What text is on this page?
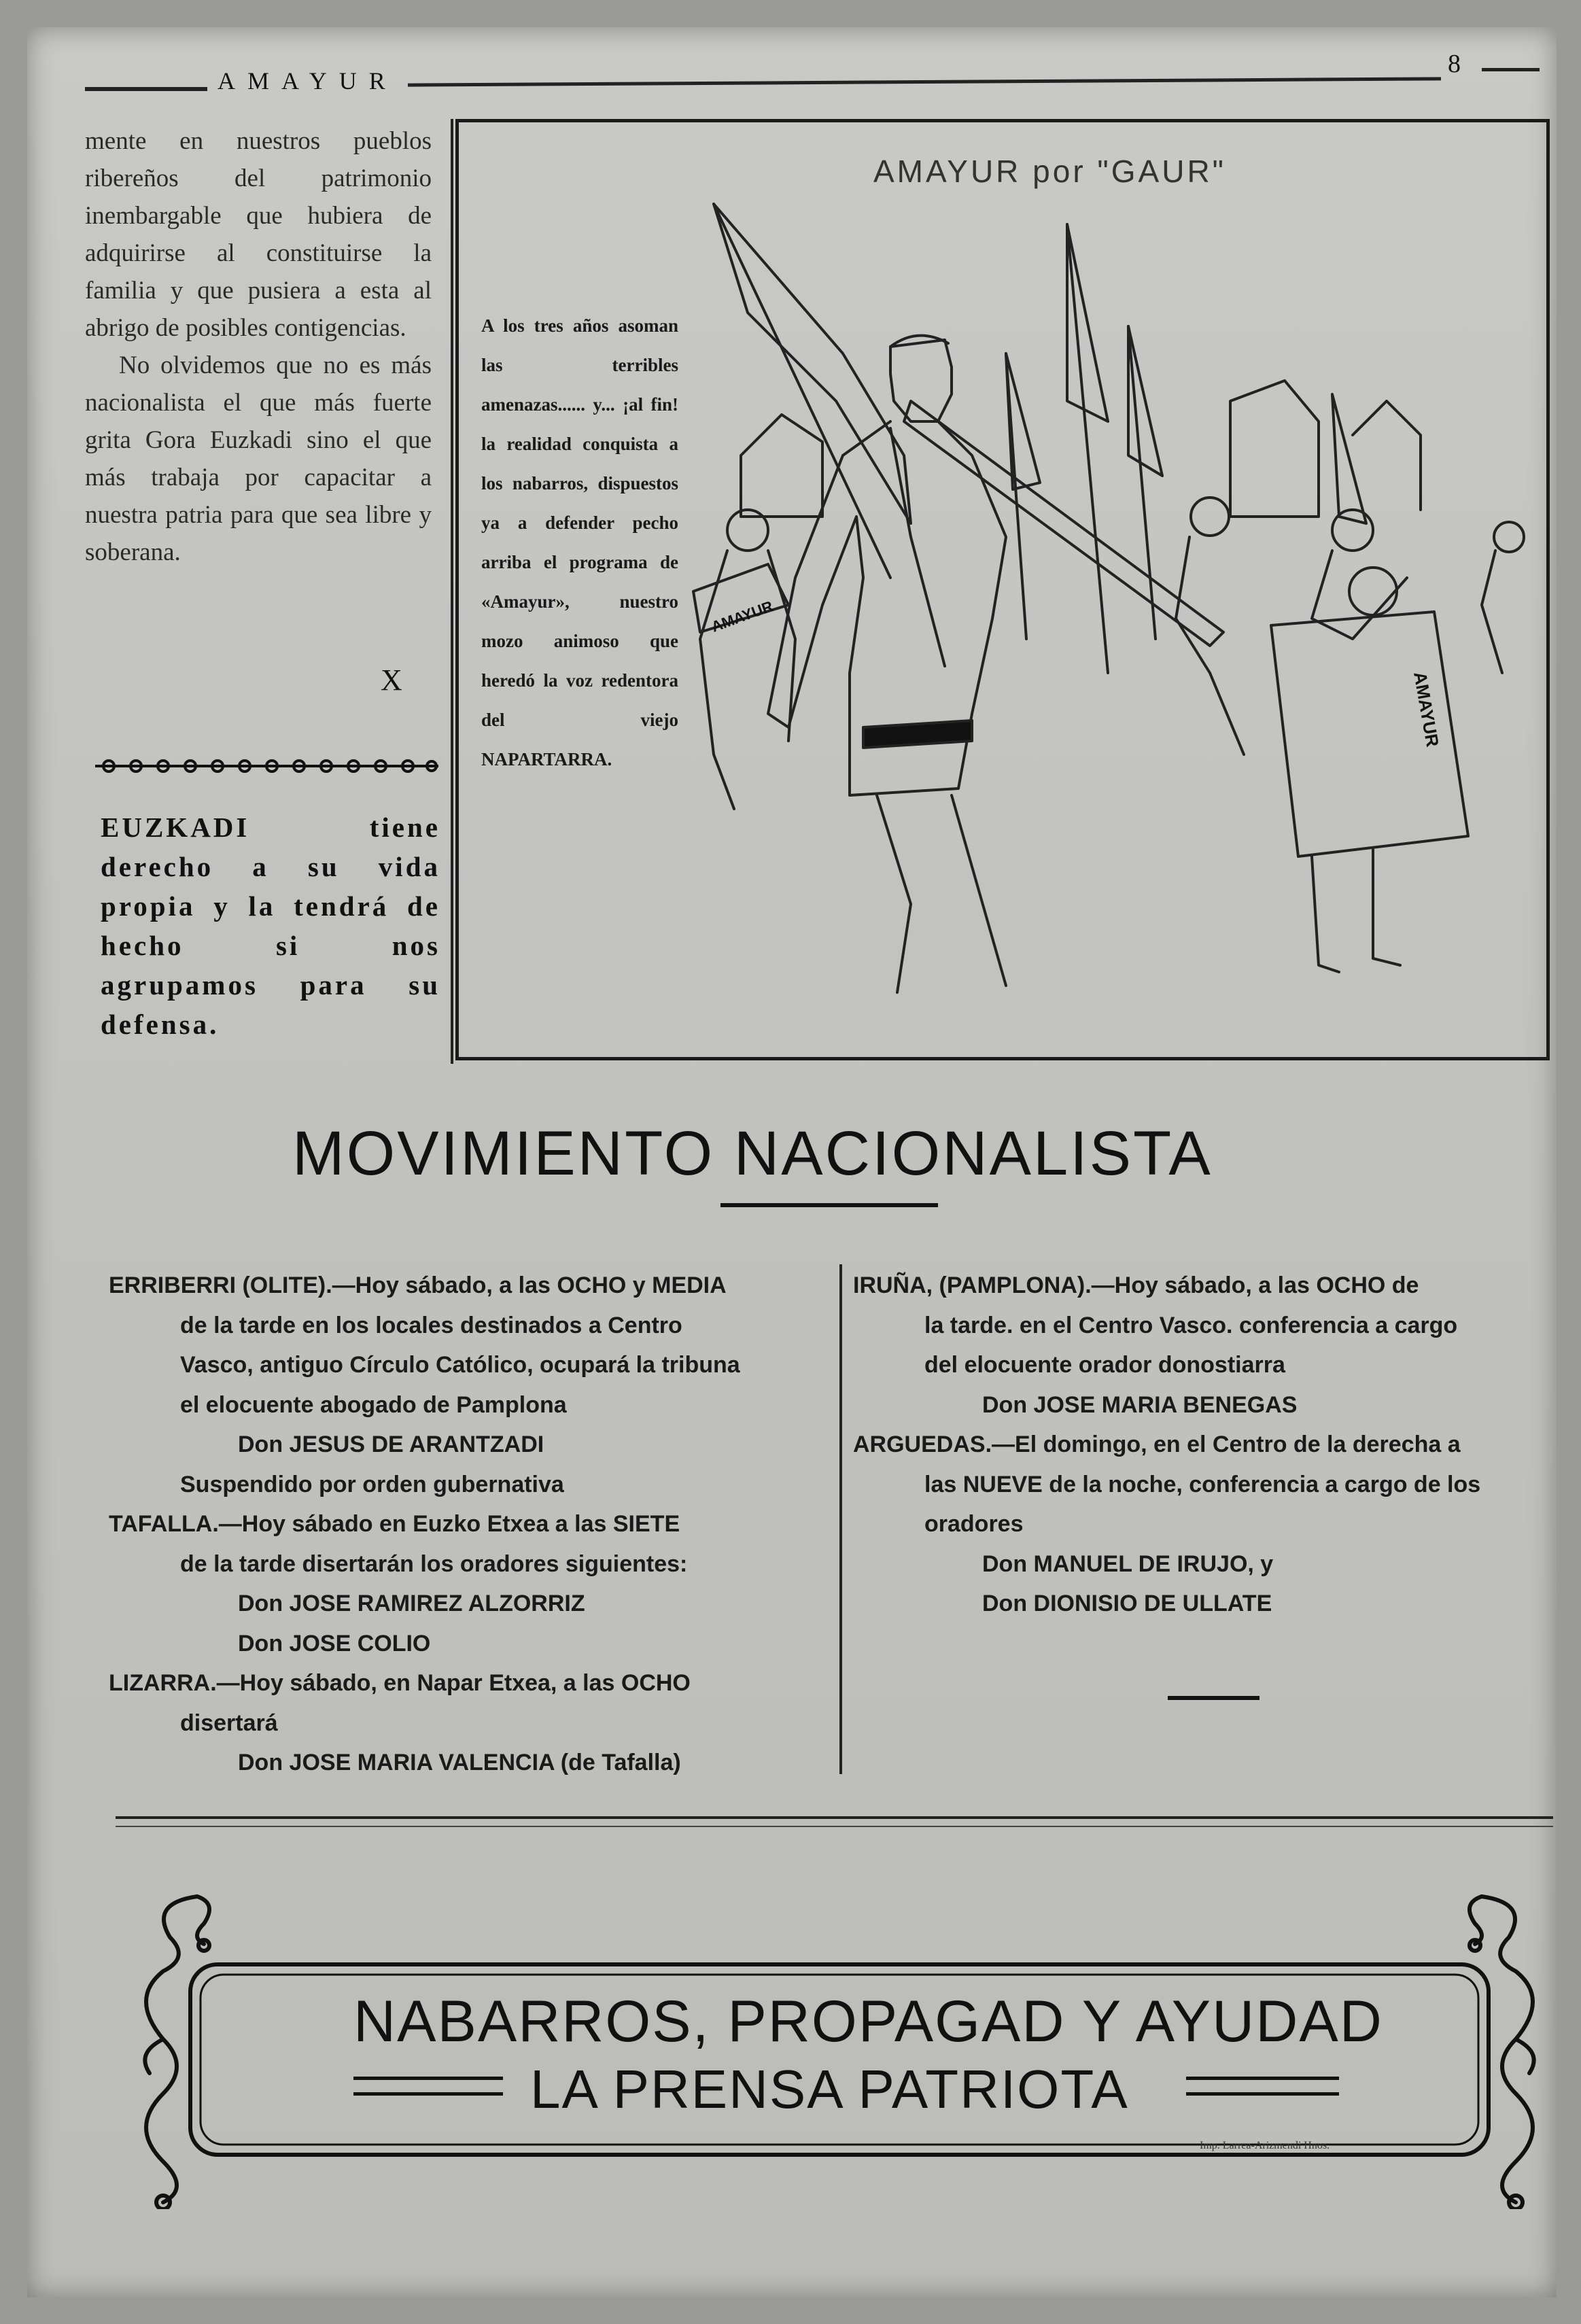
AMAYUR
8

mente en nuestros pueblos ribereños del patrimonio inembargable que hubiera de adquirirse al constituirse la familia y que pusiera a esta al abrigo de posibles contigencias.

No olvidemos que no es más nacionalista el que más fuerte grita Gora Euzkadi sino el que más trabaja por capacitar a nuestra patria para que sea libre y soberana.

X
EUZKADI tiene derecho a su vida propia y la tendrá de hecho si nos agrupamos para su defensa.
AMAYUR por "GAUR"
A los tres años asoman las terribles amenazas...... y... ¡al fin! la realidad conquista a los nabarros, dispuestos ya a defender pecho arriba el programa de «Amayur», nuestro mozo animoso que heredó la voz redentora del viejo NAPARTARRA.
AMAYUR
AMAYUR
MOVIMIENTO NACIONALISTA
ERRIBERRI (OLITE).—Hoy sábado, a las OCHO y MEDIA
de la tarde en los locales destinados a Centro
Vasco, antiguo Círculo Católico, ocupará la tribuna
el elocuente abogado de Pamplona
Don JESUS DE ARANTZADI
Suspendido por orden gubernativa
TAFALLA.—Hoy sábado en Euzko Etxea a las SIETE
de la tarde disertarán los oradores siguientes:
Don JOSE RAMIREZ ALZORRIZ
Don JOSE COLIO
LIZARRA.—Hoy sábado, en Napar Etxea, a las OCHO
disertará
Don JOSE MARIA VALENCIA (de Tafalla)
IRUÑA, (PAMPLONA).—Hoy sábado, a las OCHO de
la tarde. en el Centro Vasco. conferencia a cargo
del elocuente orador donostiarra
Don JOSE MARIA BENEGAS
ARGUEDAS.—El domingo, en el Centro de la derecha a
las NUEVE de la noche, conferencia a cargo de los
oradores
Don MANUEL DE IRUJO, y
Don DIONISIO DE ULLATE
NABARROS, PROPAGAD Y AYUDAD
LA PRENSA PATRIOTA
Imp. Larrea-Arizmendi Hnos.
